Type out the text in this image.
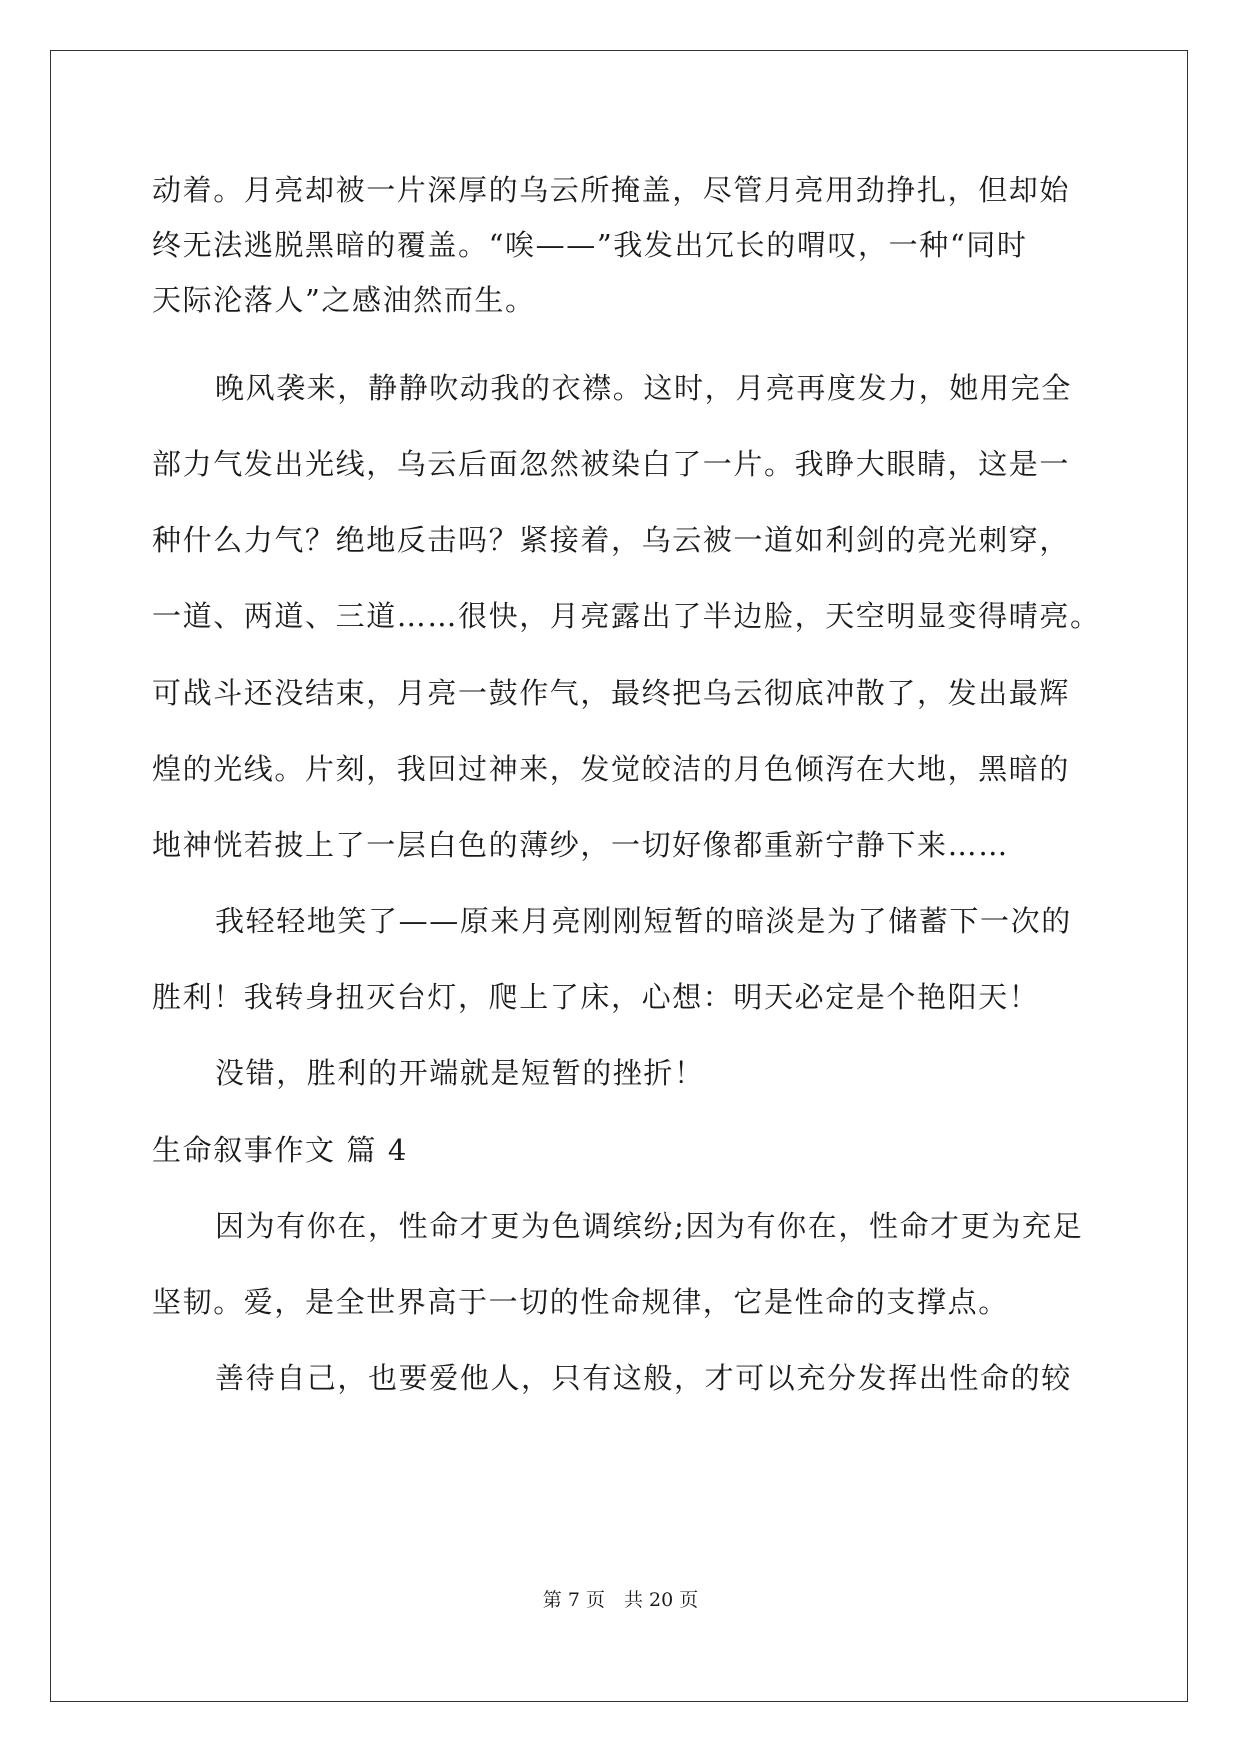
动着。月亮却被一片深厚的乌云所掩盖，尽管月亮用劲挣扎，但却始
终无法逃脱黑暗的覆盖。“唉——”我发出冗长的喟叹，一种“同时
天际沦落人”之感油然而生。
晚风袭来，静静吹动我的衣襟。这时，月亮再度发力，她用完全
部力气发出光线，乌云后面忽然被染白了一片。我睁大眼睛，这是一
种什么力气？绝地反击吗？紧接着，乌云被一道如利剑的亮光刺穿，
一道、两道、三道……很快，月亮露出了半边脸，天空明显变得晴亮。
可战斗还没结束，月亮一鼓作气，最终把乌云彻底冲散了，发出最辉
煌的光线。片刻，我回过神来，发觉皎洁的月色倾泻在大地，黑暗的
地神恍若披上了一层白色的薄纱，一切好像都重新宁静下来……
我轻轻地笑了——原来月亮刚刚短暂的暗淡是为了储蓄下一次的
胜利！我转身扭灭台灯，爬上了床，心想：明天必定是个艳阳天！
没错，胜利的开端就是短暂的挫折！
生命叙事作文 篇 4
因为有你在，性命才更为色调缤纷;因为有你在，性命才更为充足
坚韧。爱，是全世界高于一切的性命规律，它是性命的支撑点。
善待自己，也要爱他人，只有这般，才可以充分发挥出性命的较
第 7 页　共 20 页
